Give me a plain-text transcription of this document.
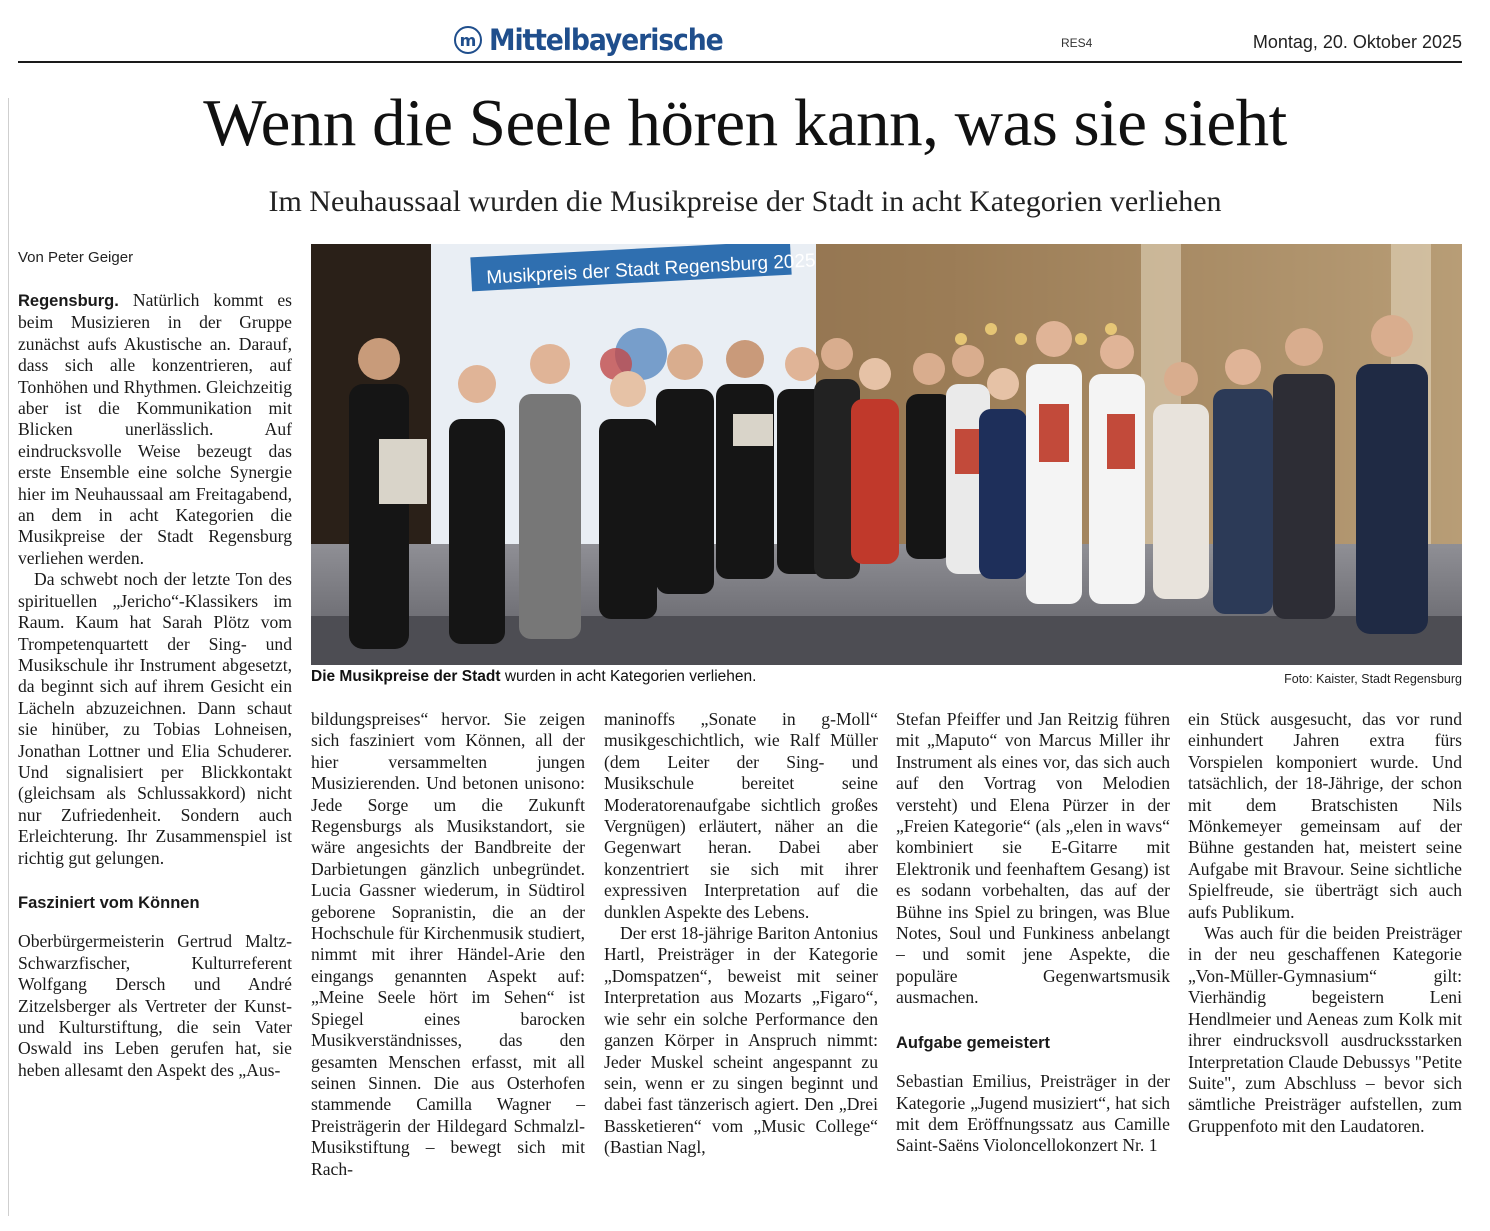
m Mittelbayerische	RES4	Montag, 20. Oktober 2025
Wenn die Seele hören kann, was sie sieht
Im Neuhaussaal wurden die Musikpreise der Stadt in acht Kategorien verliehen
Von Peter Geiger

Regensburg. Natürlich kommt es beim Musizieren in der Gruppe zunächst aufs Akustische an. Darauf, dass sich alle konzentrieren, auf Tonhöhen und Rhythmen. Gleichzeitig aber ist die Kommunikation mit Blicken unerlässlich. Auf eindrucksvolle Weise bezeugt das erste Ensemble eine solche Synergie hier im Neuhaussaal am Freitagabend, an dem in acht Kategorien die Musikpreise der Stadt Regensburg verliehen werden.

Da schwebt noch der letzte Ton des spirituellen „Jericho“-Klassikers im Raum. Kaum hat Sarah Plötz vom Trompetenquartett der Sing- und Musikschule ihr Instrument abgesetzt, da beginnt sich auf ihrem Gesicht ein Lächeln abzuzeichnen. Dann schaut sie hinüber, zu Tobias Lohneisen, Jonathan Lottner und Elia Schuderer. Und signalisiert per Blickkontakt (gleichsam als Schlussakkord) nicht nur Zufriedenheit. Sondern auch Erleichterung. Ihr Zusammenspiel ist richtig gut gelungen.

Fasziniert vom Können

Oberbürgermeisterin Gertrud Maltz-Schwarzfischer, Kulturreferent Wolfgang Dersch und André Zitzelsberger als Vertreter der Kunst- und Kulturstiftung, die sein Vater Oswald ins Leben gerufen hat, sie heben allesamt den Aspekt des „Aus-

Musikpreis der Stadt Regensburg 2025
Die Musikpreise der Stadt wurden in acht Kategorien verliehen.	Foto: Kaister, Stadt Regensburg

bildungspreises“ hervor. Sie zeigen sich fasziniert vom Können, all der hier versammelten jungen Musizierenden. Und betonen unisono: Jede Sorge um die Zukunft Regensburgs als Musikstandort, sie wäre angesichts der Bandbreite der Darbietungen gänzlich unbegründet. Lucia Gassner wiederum, in Südtirol geborene Sopranistin, die an der Hochschule für Kirchenmusik studiert, nimmt mit ihrer Händel-Arie den eingangs genannten Aspekt auf: „Meine Seele hört im Sehen“ ist Spiegel eines barocken Musikverständnisses, das den gesamten Menschen erfasst, mit all seinen Sinnen. Die aus Osterhofen stammende Camilla Wagner – Preisträgerin der Hildegard Schmalzl-Musikstiftung – bewegt sich mit Rach-

maninoffs „Sonate in g-Moll“ musikgeschichtlich, wie Ralf Müller (dem Leiter der Sing- und Musikschule bereitet seine Moderatorenaufgabe sichtlich großes Vergnügen) erläutert, näher an die Gegenwart heran. Dabei aber konzentriert sie sich mit ihrer expressiven Interpretation auf die dunklen Aspekte des Lebens.

Der erst 18-jährige Bariton Antonius Hartl, Preisträger in der Kategorie „Domspatzen“, beweist mit seiner Interpretation aus Mozarts „Figaro“, wie sehr ein solche Performance den ganzen Körper in Anspruch nimmt: Jeder Muskel scheint angespannt zu sein, wenn er zu singen beginnt und dabei fast tänzerisch agiert. Den „Drei Bassketieren“ vom „Music College“ (Bastian Nagl,

Stefan Pfeiffer und Jan Reitzig führen mit „Maputo“ von Marcus Miller ihr Instrument als eines vor, das sich auch auf den Vortrag von Melodien versteht) und Elena Pürzer in der „Freien Kategorie“ (als „elen in wavs“ kombiniert sie E-Gitarre mit Elektronik und feenhaftem Gesang) ist es sodann vorbehalten, das auf der Bühne ins Spiel zu bringen, was Blue Notes, Soul und Funkiness anbelangt – und somit jene Aspekte, die populäre Gegenwartsmusik ausmachen.

Aufgabe gemeistert

Sebastian Emilius, Preisträger in der Kategorie „Jugend musiziert“, hat sich mit dem Eröffnungssatz aus Camille Saint-Saëns Violoncellokonzert Nr. 1

ein Stück ausgesucht, das vor rund einhundert Jahren extra fürs Vorspielen komponiert wurde. Und tatsächlich, der 18-Jährige, der schon mit dem Bratschisten Nils Mönkemeyer gemeinsam auf der Bühne gestanden hat, meistert seine Aufgabe mit Bravour. Seine sichtliche Spielfreude, sie überträgt sich auch aufs Publikum.

Was auch für die beiden Preisträger in der neu geschaffenen Kategorie „Von-Müller-Gymnasium“ gilt: Vierhändig begeistern Leni Hendlmeier und Aeneas zum Kolk mit ihrer eindrucksvoll ausdrucksstarken Interpretation Claude Debussys "Petite Suite", zum Abschluss – bevor sich sämtliche Preisträger aufstellen, zum Gruppenfoto mit den Laudatoren.
